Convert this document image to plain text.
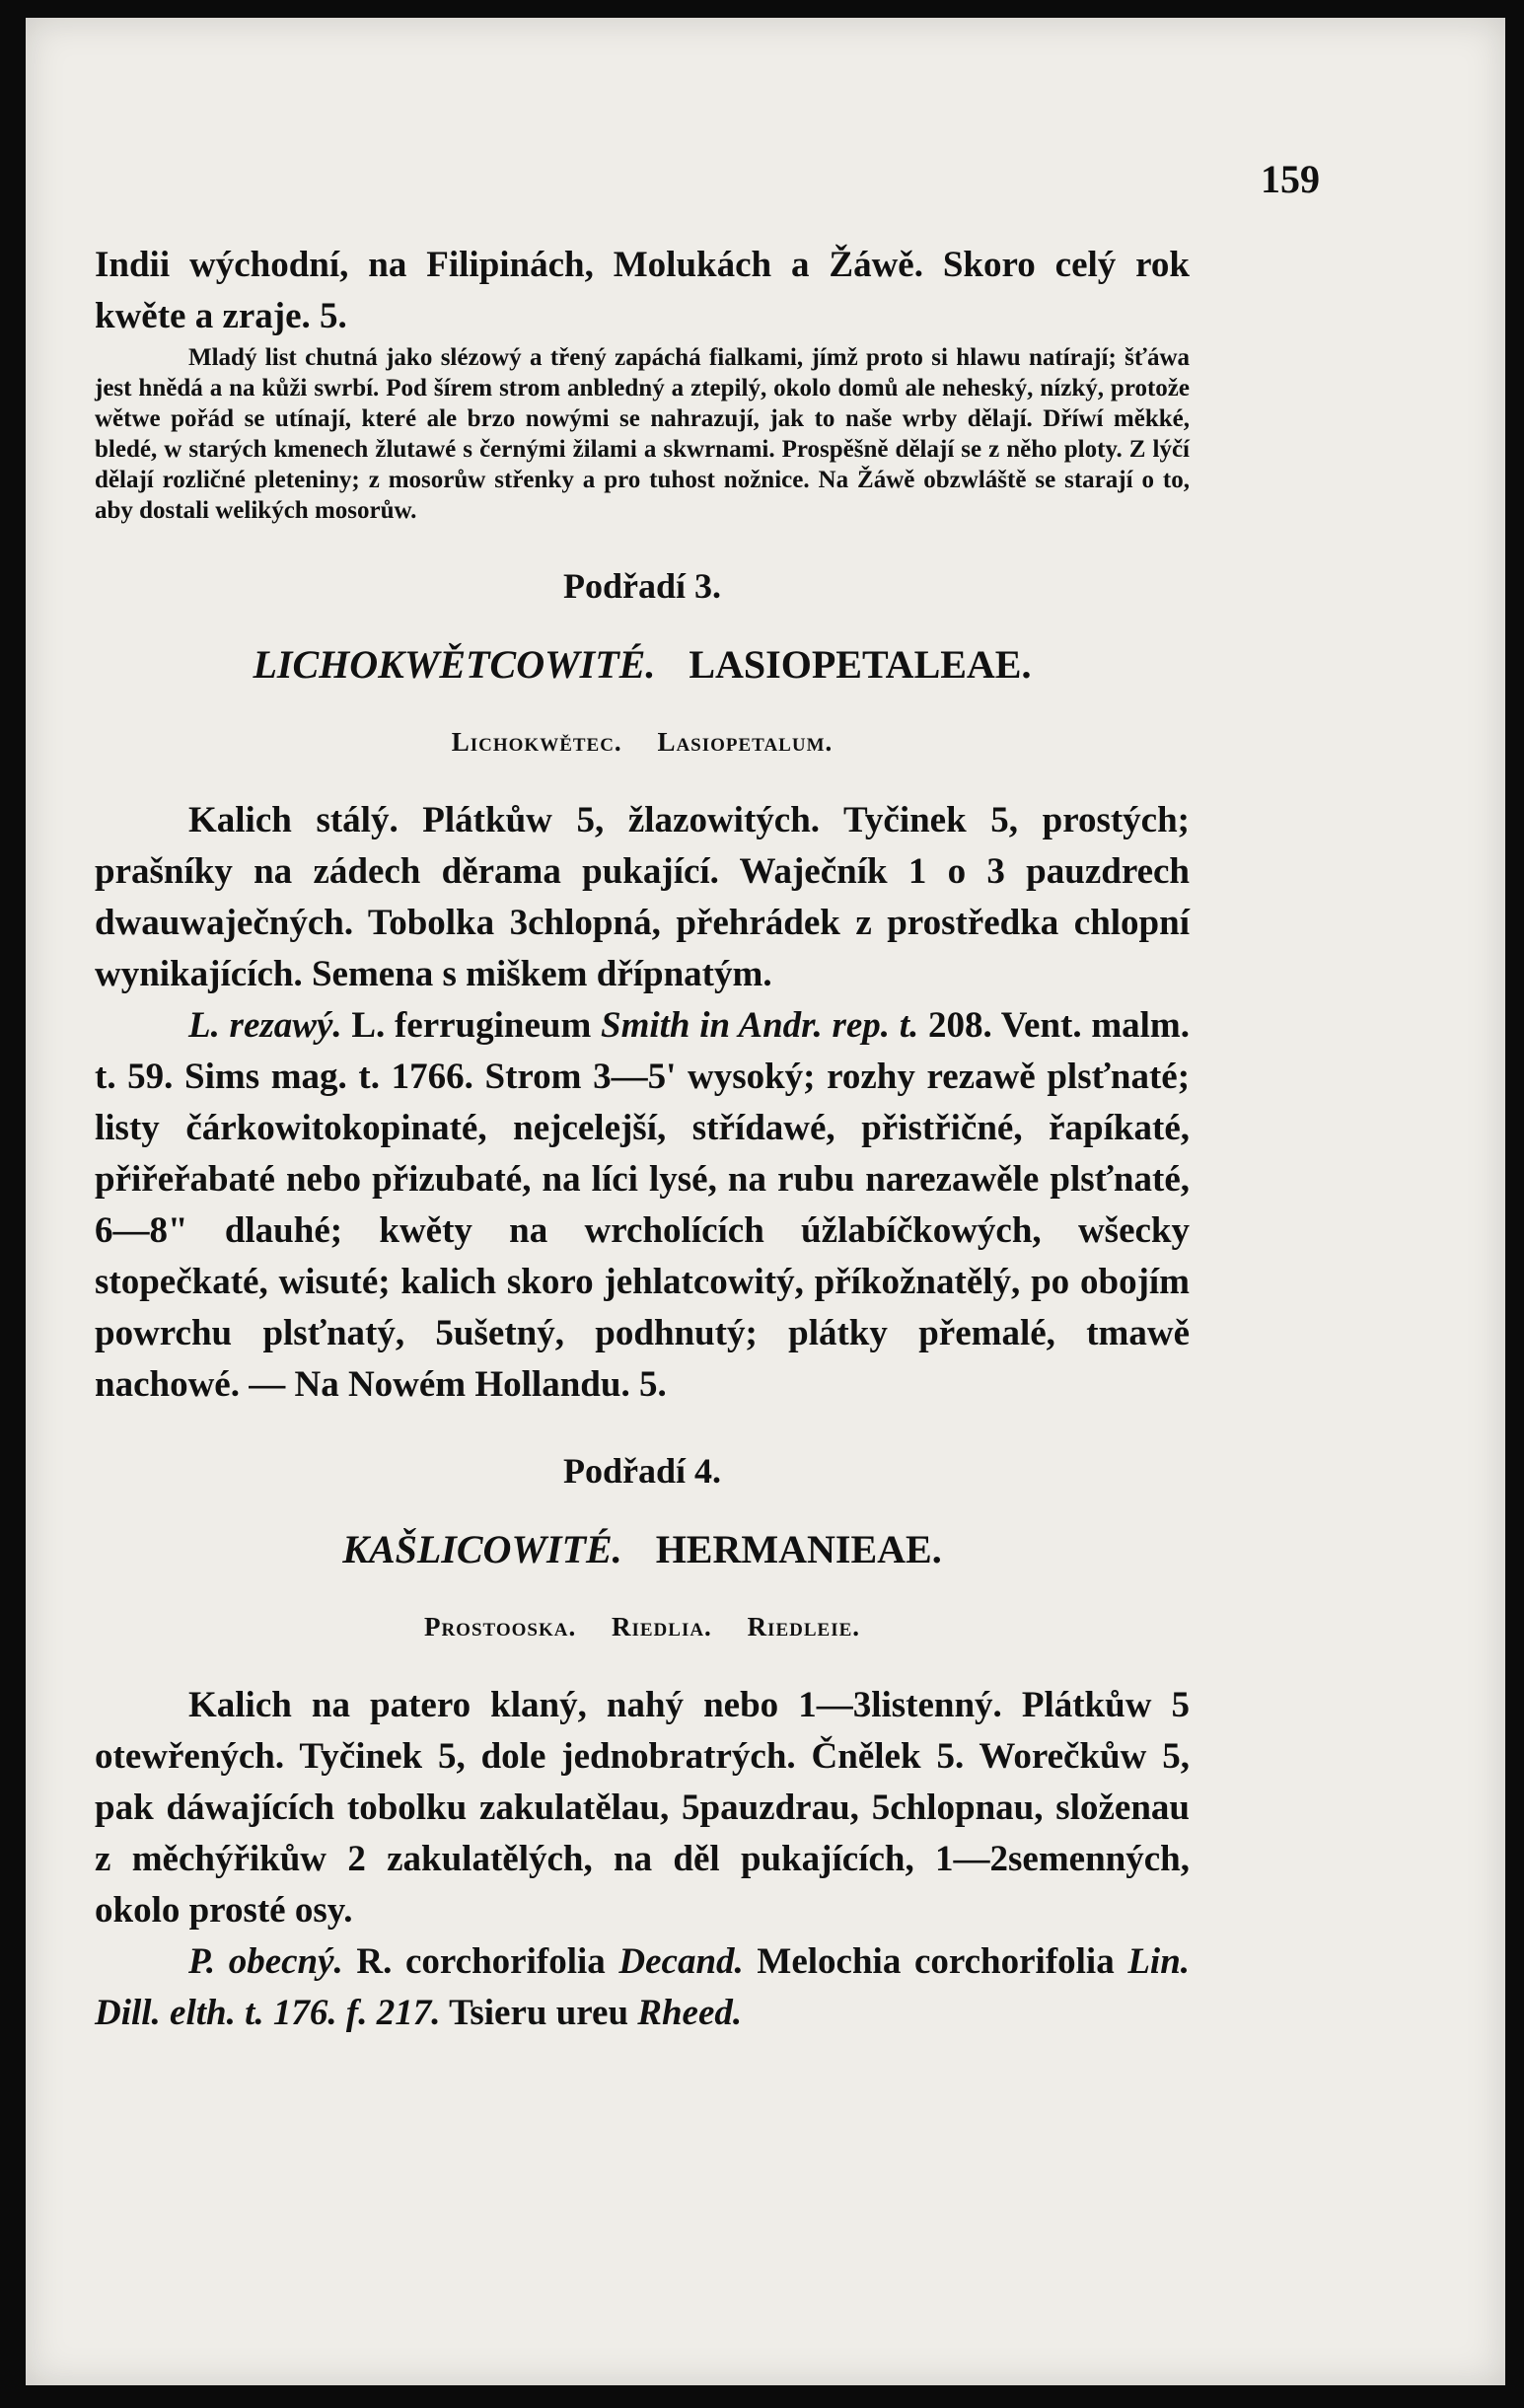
159

Indii wýchodní, na Filipinách, Molukách a Žáwě. Skoro celý rok kwěte a zraje. 5.

Mladý list chutná jako slézowý a třený zapáchá fialkami, jímž proto si hlawu natírají; šťáwa jest hnědá a na kůži swrbí. Pod šírem strom anbledný a ztepilý, okolo domů ale neheský, nízký, protože wětwe pořád se utínají, které ale brzo nowými se nahrazují, jak to naše wrby dělají. Dříwí měkké, bledé, w starých kmenech žlutawé s černými žilami a skwrnami. Prospěšně dělají se z něho ploty. Z lýčí dělají rozličné pleteniny; z mosorůw střenky a pro tuhost nožnice. Na Žáwě obzwláště se starají o to, aby dostali welikých mosorůw.

Podřadí 3.

LICHOKWĚTCOWITÉ. LASIOPETALEAE.

Lichokwětec. Lasiopetalum.

Kalich stálý. Plátkůw 5, žlazowitých. Tyčinek 5, prostých; prašníky na zádech děrama pukající. Waječník 1 o 3 pauzdrech dwauwaječných. Tobolka 3chlopná, přehrádek z prostředka chlopní wynikajících. Semena s miškem dřípnatým.

L. rezawý. L. ferrugineum Smith in Andr. rep. t. 208. Vent. malm. t. 59. Sims mag. t. 1766. Strom 3—5' wysoký; rozhy rezawě plsťnaté; listy čárkowitokopinaté, nejcelejší, střídawé, přistřičné, řapíkaté, přiřeřabaté nebo přizubaté, na líci lysé, na rubu narezawěle plsťnaté, 6—8" dlauhé; kwěty na wrcholících úžlabíčkowých, wšecky stopečkaté, wisuté; kalich skoro jehlatcowitý, příkožnatělý, po obojím powrchu plsťnatý, 5ušetný, podhnutý; plátky přemalé, tmawě nachowé. — Na Nowém Hollandu. 5.

Podřadí 4.

KAŠLICOWITÉ. HERMANIEAE.

Prostooska. Riedlia. Riedleie.

Kalich na patero klaný, nahý nebo 1—3listenný. Plátkůw 5 otewřených. Tyčinek 5, dole jednobratrých. Čnělek 5. Worečkůw 5, pak dáwajících tobolku zakulatělau, 5pauzdrau, 5chlopnau, složenau z měchýřikůw 2 zakulatělých, na děl pukajících, 1—2semenných, okolo prosté osy.

P. obecný. R. corchorifolia Decand. Melochia corchorifolia Lin. Dill. elth. t. 176. f. 217. Tsieru ureu Rheed.
